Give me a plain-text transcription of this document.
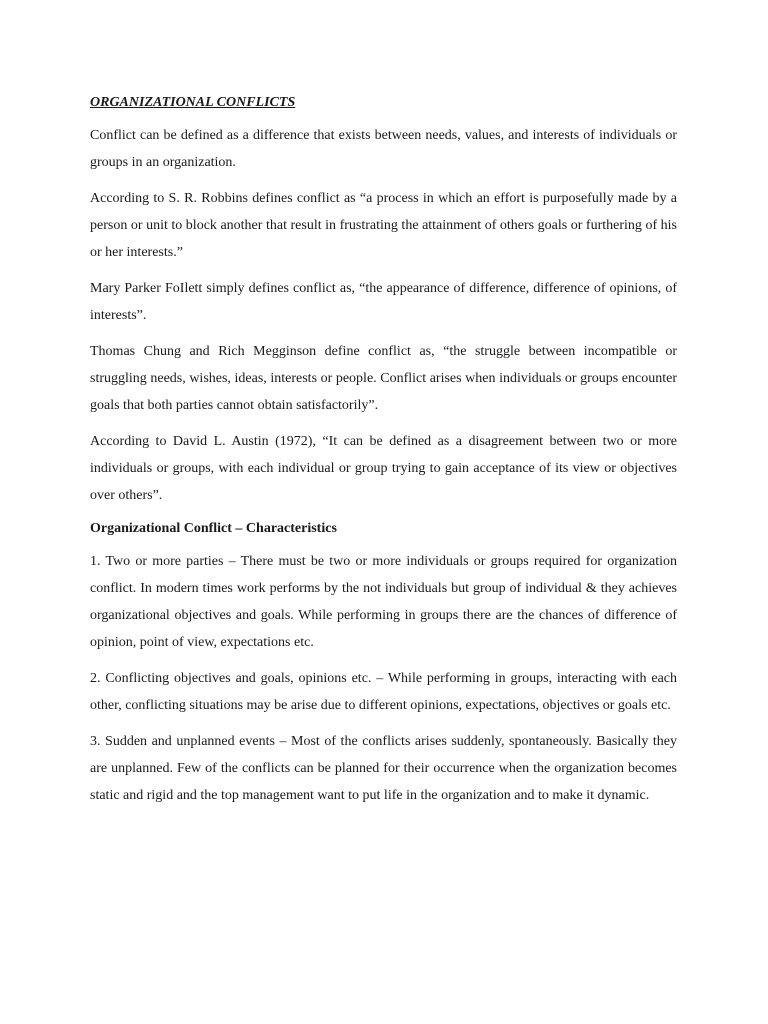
ORGANIZATIONAL CONFLICTS

Conflict can be defined as a difference that exists between needs, values, and interests of individuals or groups in an organization.

According to S. R. Robbins defines conflict as “a process in which an effort is purposefully made by a person or unit to block another that result in frustrating the attainment of others goals or furthering of his or her interests.”

Mary Parker FoIlett simply defines conflict as, “the appearance of difference, difference of opinions, of interests”.

Thomas Chung and Rich Megginson define conflict as, “the struggle between incompatible or struggling needs, wishes, ideas, interests or people. Conflict arises when individuals or groups encounter goals that both parties cannot obtain satisfactorily”.

According to David L. Austin (1972), “It can be defined as a disagreement between two or more individuals or groups, with each individual or group trying to gain acceptance of its view or objectives over others”.

Organizational Conflict – Characteristics

1. Two or more parties – There must be two or more individuals or groups required for organization conflict. In modern times work performs by the not individuals but group of individual & they achieves organizational objectives and goals. While performing in groups there are the chances of difference of opinion, point of view, expectations etc.

2. Conflicting objectives and goals, opinions etc. – While performing in groups, interacting with each other, conflicting situations may be arise due to different opinions, expectations, objectives or goals etc.

3. Sudden and unplanned events – Most of the conflicts arises suddenly, spontaneously. Basically they are unplanned. Few of the conflicts can be planned for their occurrence when the organization becomes static and rigid and the top management want to put life in the organization and to make it dynamic.
